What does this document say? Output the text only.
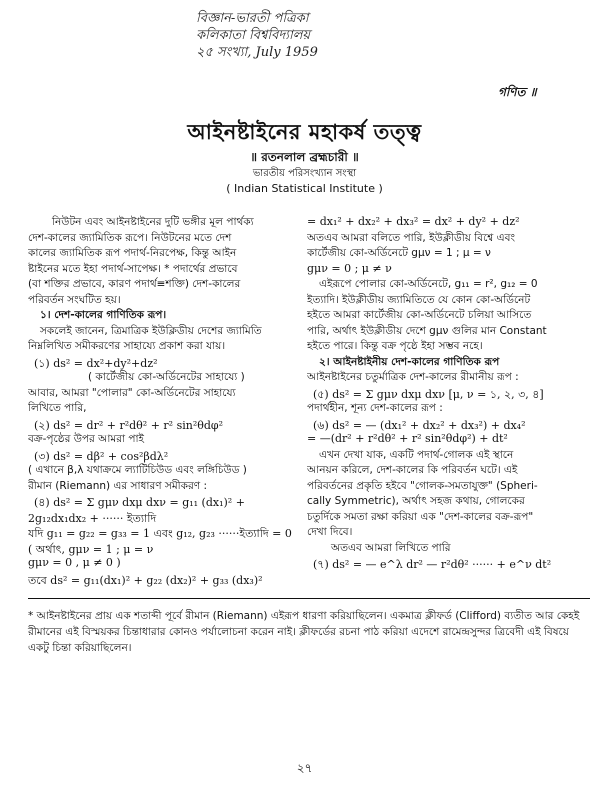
বিজ্ঞান-ভারতী পত্রিকা
কলিকাতা বিশ্ববিদ্যালয়
২৫ সংখ্যা, July 1959
গণিত ॥
আইনষ্টাইনের মহাকর্ষ তত্ত্ব
॥ রতনলাল ব্রহ্মচারী ॥
ভারতীয় পরিসংখ্যান সংস্থা
( Indian Statistical Institute )
নিউটন এবং আইনষ্টাইনের দুটি ভঙ্গীর মূল পার্থক্য
দেশ-কালের জ্যামিতিক রূপে। নিউটনের মতে দেশ
কালের জ্যামিতিক রূপ পদার্থ-নিরপেক্ষ, কিন্তু আইন
ষ্টাইনের মতে ইহা পদার্থ-সাপেক্ষ। * পদার্থের প্রভাবে
(বা শক্তির প্রভাবে, কারণ পদার্থ≡শক্তি) দেশ-কালের
পরিবর্তন সংঘটিত হয়।
১। দেশ-কালের গাণিতিক রূপ।
সকলেই জানেন, ত্রিমাত্রিক ইউক্লিডীয় দেশের জ্যামিতি
নিম্নলিখিত সমীকরণের সাহায্যে প্রকাশ করা যায়।
(১) ds² = dx²+dy²+dz²
( কার্টেজীয় কো-অর্ডিনেটের সাহায্যে )
আবার, আমরা "পোলার" কো-অর্ডিনেটের সাহায্যে
লিখিতে পারি,
(২) ds² = dr² + r²dθ² + r² sin²θdφ²
বক্র-পৃষ্ঠের উপর আমরা পাই
(৩) ds² = dβ² + cos²βdλ²
( এখানে β,λ যথাক্রমে ল্যাটিচিউড এবং লঙ্গিচিউড )
রীমান (Riemann) এর সাধারণ সমীকরণ :
(৪) ds² = Σ gμν dxμ dxν = g₁₁ (dx₁)² +
2g₁₂dx₁dx₂ + ······ ইত্যাদি
যদি g₁₁ = g₂₂ = g₃₃ = 1 এবং g₁₂, g₂₃ ······ইত্যাদি = 0
( অর্থাৎ, gμν = 1 ; μ = ν
gμν = 0 , μ ≠ 0 )
তবে ds² = g₁₁(dx₁)² + g₂₂ (dx₂)² + g₃₃ (dx₃)²
= dx₁² + dx₂² + dx₃² = dx² + dy² + dz²
অতএব আমরা বলিতে পারি, ইউক্লীডীয় বিশ্বে এবং
কার্টেজীয় কো-অর্ডিনেটে gμν = 1 ; μ = ν
gμν = 0 ; μ ≠ ν
এইরূপে পোলার কো-অর্ডিনেটে, g₁₁ = r², g₁₂ = 0
ইত্যাদি। ইউক্লীডীয় জ্যামিতিতে যে কোন কো-অর্ডিনেট
হইতে আমরা কার্টেজীয় কো-অর্ডিনেটে চলিয়া আসিতে
পারি, অর্থাৎ ইউক্লীডীয় দেশে gμν গুলির মান Constant
হইতে পারে। কিন্তু বক্র পৃষ্ঠে ইহা সম্ভব নহে।
২। আইনষ্টাইনীয় দেশ-কালের গাণিতিক রূপ
আইনষ্টাইনের চতুর্মাত্রিক দেশ-কালের রীমানীয় রূপ :
(৫) ds² = Σ gμν dxμ dxν [μ, ν = ১, ২, ৩, ৪]
পদার্থহীন, শূন্য দেশ-কালের রূপ :
(৬) ds² = — (dx₁² + dx₂² + dx₃²) + dx₄²
= —(dr² + r²dθ² + r² sin²θdφ²) + dt²
এখন দেখা যাক, একটি পদার্থ-গোলক এই স্থানে
আনয়ন করিলে, দেশ-কালের কি পরিবর্তন ঘটে। এই
পরিবর্তনের প্রকৃতি হইবে "গোলক-সমতাযুক্ত" (Spheri-
cally Symmetric), অর্থাৎ সহজ কথায়, গোলকের
চতুর্দিকে সমতা রক্ষা করিয়া এক "দেশ-কালের বক্র-রূপ"
দেখা দিবে।
অতএব আমরা লিখিতে পারি
(৭) ds² = — e^λ dr² — r²dθ² ······ + e^ν dt²
* আইনষ্টাইনের প্রায় এক শতাব্দী পূর্বে রীমান (Riemann) এইরূপ ধারণা করিয়াছিলেন। একমাত্র ক্লীফর্ড (Clifford) ব্যতীত আর কেহই রীমানের এই বিস্ময়কর চিন্তাধারার কোনও পর্যালোচনা করেন নাই। ক্লীফর্ডের রচনা পাঠ করিয়া এদেশে রামেন্দ্রসুন্দর ত্রিবেদী এই বিষয়ে একটু চিন্তা করিয়াছিলেন।
২৭
